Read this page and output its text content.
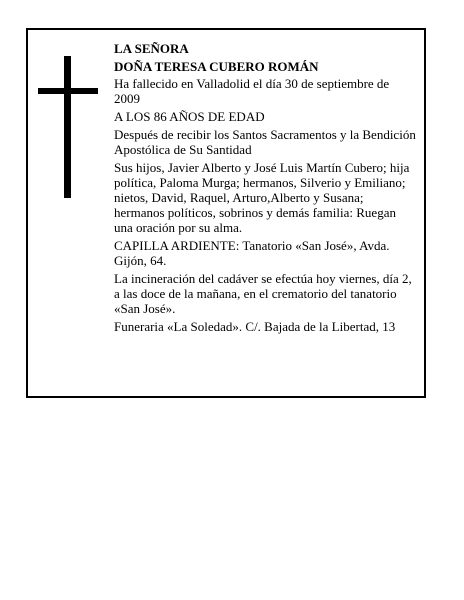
LA SEÑORA

DOÑA TERESA CUBERO ROMÁN

Ha fallecido en Valladolid el día 30 de septiembre de 2009

A LOS 86 AÑOS DE EDAD

Después de recibir los Santos Sacramentos y la Bendición Apostólica de Su Santidad

Sus hijos, Javier Alberto y José Luis Martín Cubero; hija política, Paloma Murga; hermanos, Silverio y Emiliano; nietos, David, Raquel, Arturo,Alberto y Susana; hermanos políticos, sobrinos y demás familia: Ruegan una oración por su alma.

CAPILLA ARDIENTE: Tanatorio «San José», Avda. Gijón, 64.

La incineración del cadáver se efectúa hoy viernes, día 2, a las doce de la mañana, en el crematorio del tanatorio «San José».

Funeraria «La Soledad». C/. Bajada de la Libertad, 13
